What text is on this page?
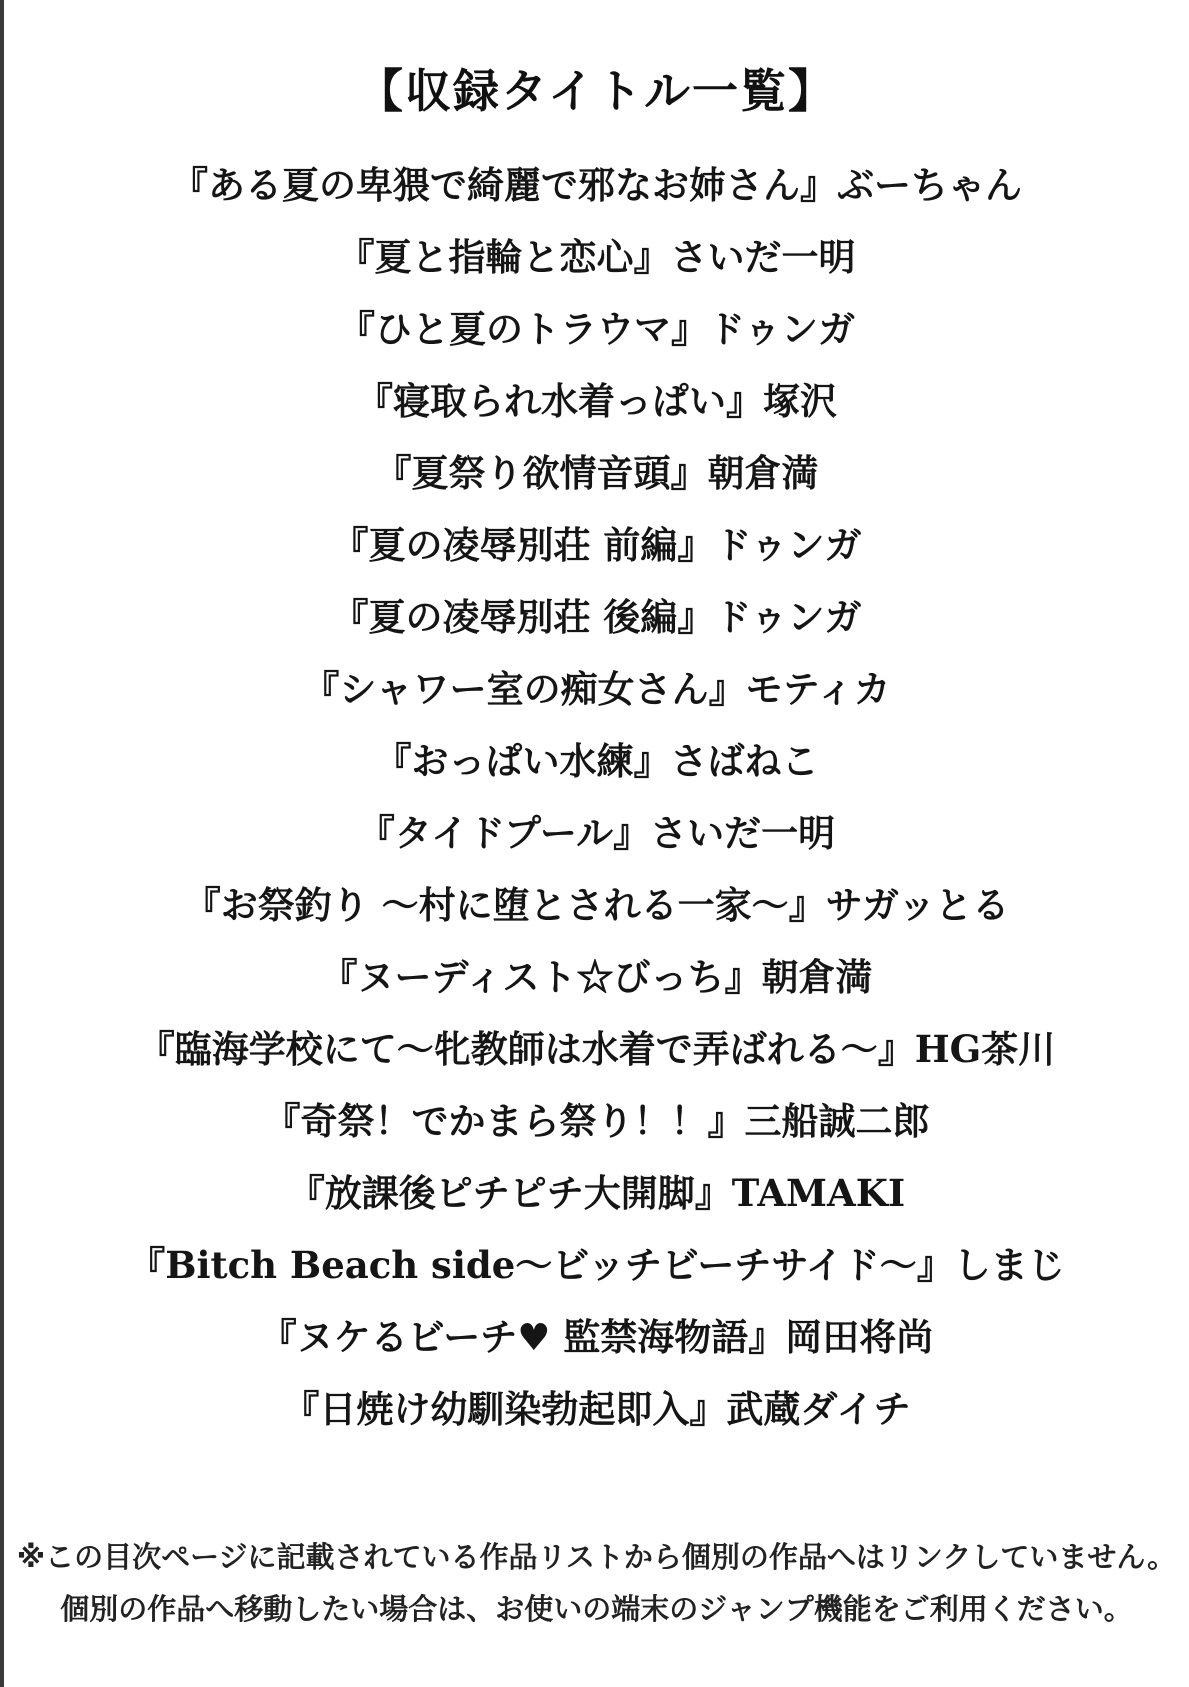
【収録タイトル一覧】
『ある夏の卑猥で綺麗で邪なお姉さん』ぶーちゃん
『夏と指輪と恋心』さいだ一明
『ひと夏のトラウマ』ドゥンガ
『寝取られ水着っぱい』塚沢
『夏祭り欲情音頭』朝倉満
『夏の凌辱別荘 前編』ドゥンガ
『夏の凌辱別荘 後編』ドゥンガ
『シャワー室の痴女さん』モティカ
『おっぱい水練』さばねこ
『タイドプール』さいだ一明
『お祭釣り ～村に堕とされる一家～』サガッとる
『ヌーディスト☆びっち』朝倉満
『臨海学校にて～牝教師は水着で弄ばれる～』HG茶川
『奇祭！でかまら祭り！！』三船誠二郎
『放課後ピチピチ大開脚』TAMAKI
『Bitch Beach side～ビッチビーチサイド～』しまじ
『ヌケるビーチ♥ 監禁海物語』岡田将尚
『日焼け幼馴染勃起即入』武蔵ダイチ

※この目次ページに記載されている作品リストから個別の作品へはリンクしていません。

個別の作品へ移動したい場合は、お使いの端末のジャンプ機能をご利用ください。
